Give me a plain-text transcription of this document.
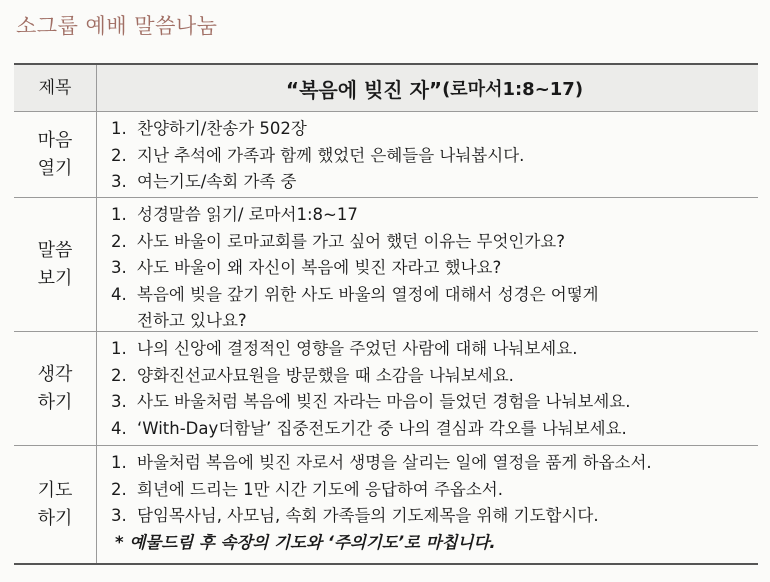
소그룹 예배 말씀나눔
제목	“복음에 빚진 자” (로마서1:8~17)
마음
열기
1. 찬양하기/찬송가 502장
2. 지난 추석에 가족과 함께 했었던 은혜들을 나눠봅시다.
3. 여는기도/속회 가족 중
말씀
보기
1. 성경말씀 읽기/ 로마서1:8~17
2. 사도 바울이 로마교회를 가고 싶어 했던 이유는 무엇인가요?
3. 사도 바울이 왜 자신이 복음에 빚진 자라고 했나요?
4. 복음에 빚을 갚기 위한 사도 바울의 열정에 대해서 성경은 어떻게
전하고 있나요?
생각
하기
1. 나의 신앙에 결정적인 영향을 주었던 사람에 대해 나눠보세요.
2. 양화진선교사묘원을 방문했을 때 소감을 나눠보세요.
3. 사도 바울처럼 복음에 빚진 자라는 마음이 들었던 경험을 나눠보세요.
4. ‘With-Day더함날’ 집중전도기간 중 나의 결심과 각오를 나눠보세요.
기도
하기
1. 바울처럼 복음에 빚진 자로서 생명을 살리는 일에 열정을 품게 하옵소서.
2. 희년에 드리는 1만 시간 기도에 응답하여 주옵소서.
3. 담임목사님, 사모님, 속회 가족들의 기도제목을 위해 기도합시다.
* 예물드림 후 속장의 기도와 ‘주의기도’로 마칩니다.
